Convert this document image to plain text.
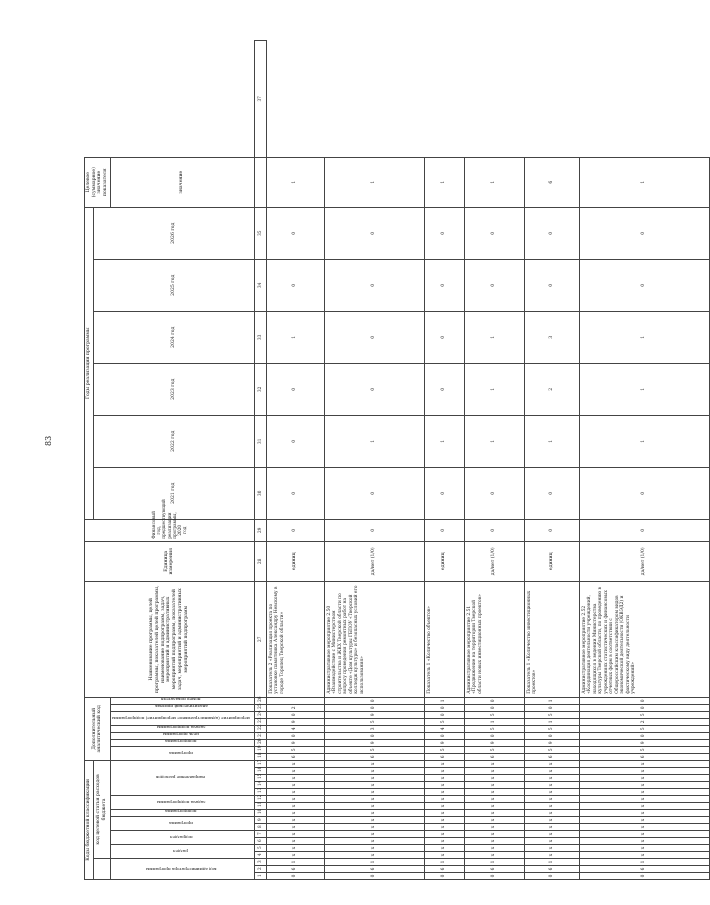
83
Коды бюджетной классификации																	Дополнительный аналитический код									Наименование программы, целей программы, показателей целей программы, наименование подпрограмм, задач, мероприятий и административных мероприятий подпрограмм, показателей задач, мероприятий и административных мероприятий подпрограмм	Единица измерения	Финансовый год, предшествующий реализации программы, 2020 год	Годы реализации программы						Целевое (суммарное) значение показателя	
			код целевой статьи расходов бюджета																										2021 год	2022 год	2023 год	2024 год	2025 год	2026 год		
код администратора программы			раздел		подраздел		программа		подпрограмма	задача подпрограммы		направление расходов					программа		подпрограмма	цель программы	задача подпрограммы	мероприятие (административное мероприятие) подпрограммы		аналитический признак	номер показателя										значение	
1	2	3	4	5	6	7	8	9	10	11	12	13	14	15	16	17	18	19	20	21	22	23	24	25	26	27	28	29	30	31	32	33	34	35			37
0	6	1	x	x	x	x	x	x	x	x	x	x	x	x	x	x	6	5	9	0	4	9	0	2		Показатель 2 «Реализация проекта по установке памятника Александру Невскому в городе Торопец Тверской области»	единиц	0	0	0	0	1	0	0		1	
0	6	1	x	x	x	x	x	x	x	x	x	x	x	x	x	x	6	5	9	0	3	5	9	0	0	Административное мероприятие 2.50 «Взаимодействие с Министерством строительства и ЖКХ Тверской области по вопросу проведения ремонтных работ на объекте «Дом культуры ГБПОУ «Тверской колледж культуры» и безопасных условий его использования»	да/нет (1/0)	0	0	1	0	0	0	0		1	
0	6	1	x	x	x	x	x	x	x	x	x	x	x	x	x	x	6	5	9	0	4	5	0	0	1	Показатель 1 «Количество объектов»	единиц	0	0	1	0	0	0	0		1	
0	6	1	x	x	x	x	x	x	x	x	x	x	x	x	x	x	6	5	9	0	5	1	5	0	0	Административное мероприятие 2.51 «Продвижение на территории Тверской области новых инвестиционных проектов»	да/нет (1/0)	0	0	1	1	1	0	0		1	
0	6	1	x	x	x	x	x	x	x	x	x	x	x	x	x	x	6	5	9	0	5	1	5	0	1	Показатель 1 «Количество инвестиционных проектов»	единиц	0	0	1	2	3	0	0		6	
0	6	1	x	x	x	x	x	x	x	x	x	x	x	x	x	x	6	5	9	0	5	2	5	0	0	Административное мероприятие 2.52 «Координация деятельности учреждений, находящихся в ведении Министерства культуры Тверской области, по проведению в учреждениях статистических и финансовых отчетных форм в соответствии с Общероссийским классификатором видов экономической деятельности (ОКВЭД2) и фактическому виду деятельности учреждений»	да/нет (1/0)	0	0	1	1	1	0	0		1	
